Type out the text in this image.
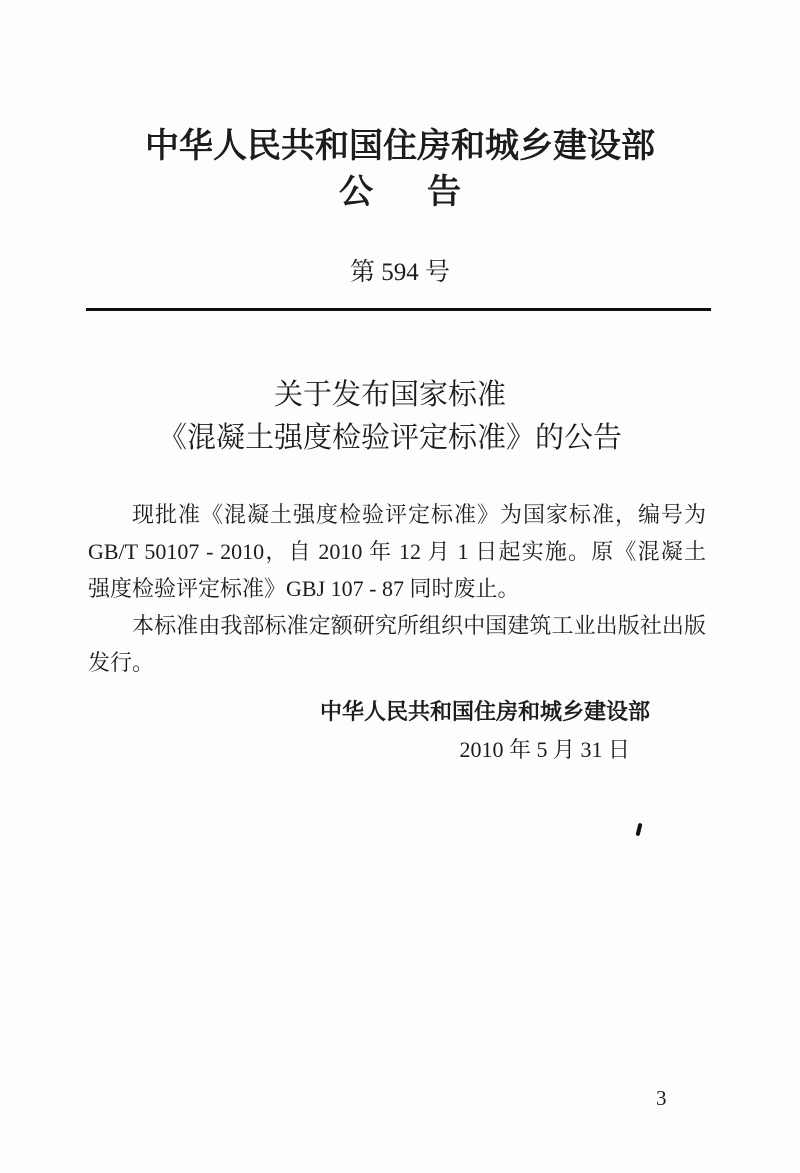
中华人民共和国住房和城乡建设部
公　告
第 594 号
关于发布国家标准
《混凝土强度检验评定标准》的公告
现批准《混凝土强度检验评定标准》为国家标准，编号为
GB/T 50107 - 2010，自 2010 年 12 月 1 日起实施。原《混凝土
强度检验评定标准》GBJ 107 - 87 同时废止。
本标准由我部标准定额研究所组织中国建筑工业出版社出版
发行。
中华人民共和国住房和城乡建设部
2010 年 5 月 31 日
3
